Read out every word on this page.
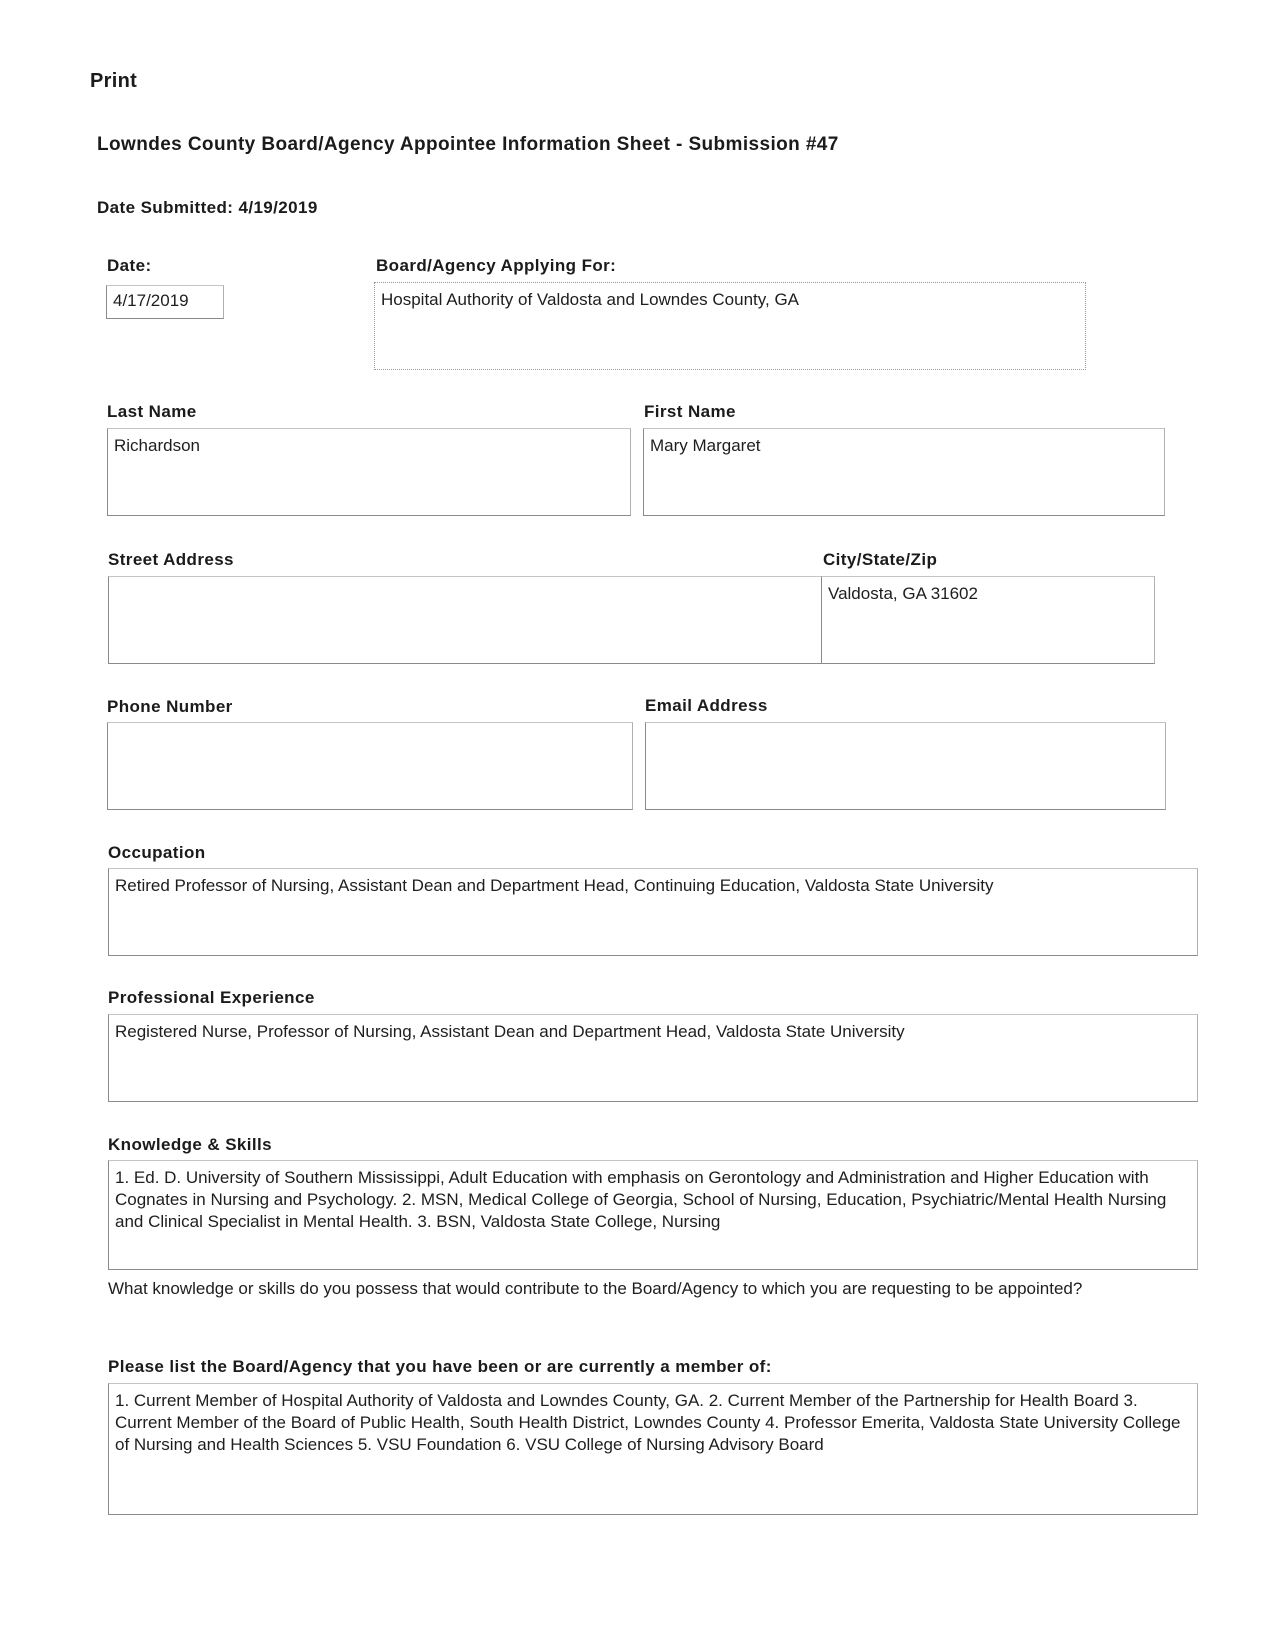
Print
Lowndes County Board/Agency Appointee Information Sheet - Submission #47
Date Submitted: 4/19/2019
Date:
4/17/2019
Board/Agency Applying For:
Hospital Authority of Valdosta and Lowndes County, GA
Last Name
Richardson
First Name
Mary Margaret
Street Address	City/State/Zip
Valdosta, GA 31602
Phone Number	Email Address
Occupation
Retired Professor of Nursing, Assistant Dean and Department Head, Continuing Education, Valdosta State University
Professional Experience
Registered Nurse, Professor of Nursing, Assistant Dean and Department Head, Valdosta State University
Knowledge & Skills
1. Ed. D. University of Southern Mississippi, Adult Education with emphasis on Gerontology and Administration and Higher Education with Cognates in Nursing and Psychology. 2. MSN, Medical College of Georgia, School of Nursing, Education, Psychiatric/Mental Health Nursing and Clinical Specialist in Mental Health. 3. BSN, Valdosta State College, Nursing
What knowledge or skills do you possess that would contribute to the Board/Agency to which you are requesting to be appointed?
Please list the Board/Agency that you have been or are currently a member of:
1. Current Member of Hospital Authority of Valdosta and Lowndes County, GA. 2. Current Member of the Partnership for Health Board 3. Current Member of the Board of Public Health, South Health District, Lowndes County 4. Professor Emerita, Valdosta State University College of Nursing and Health Sciences 5. VSU Foundation 6. VSU College of Nursing Advisory Board
